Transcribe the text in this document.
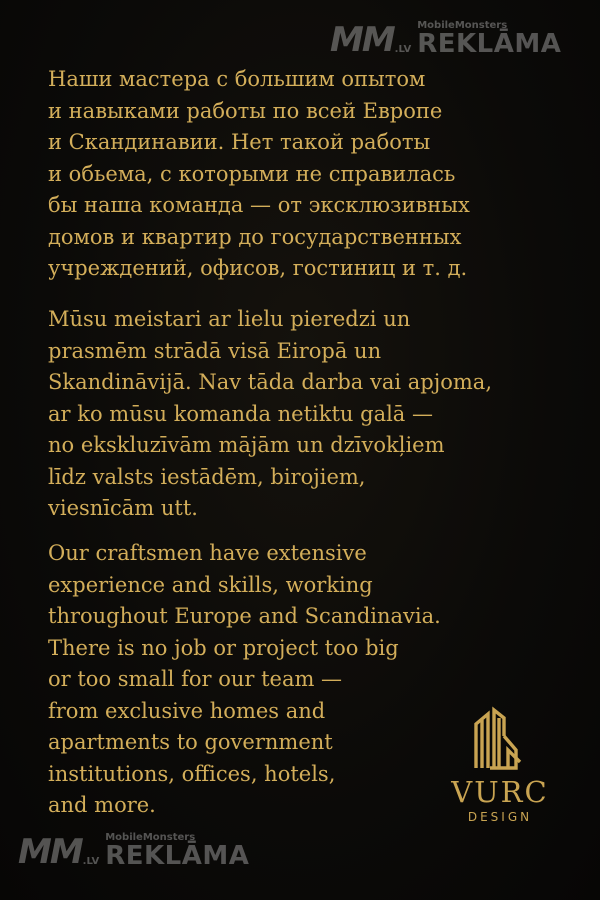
MM .LV
MobileMonsters
REKLĀMA

Наши мастера с большим опытом
и навыками работы по всей Европе
и Скандинавии. Нет такой работы
и обьема, с которыми не справилась
бы наша команда — от эксклюзивных
домов и квартир до государственных
учреждений, офисов, гостиниц и т. д.

Mūsu meistari ar lielu pieredzi un
prasmēm strādā visā Eiropā un
Skandināvijā. Nav tāda darba vai apjoma,
ar ko mūsu komanda netiktu galā —
no ekskluzīvām mājām un dzīvokļiem
līdz valsts iestādēm, birojiem,
viesnīcām utt.

Our craftsmen have extensive
experience and skills, working
throughout Europe and Scandinavia.
There is no job or project too big
or too small for our team —
from exclusive homes and
apartments to government
institutions, offices, hotels,
and more.	VURC
DESIGN
MM .LV
MobileMonsters
REKLĀMA
